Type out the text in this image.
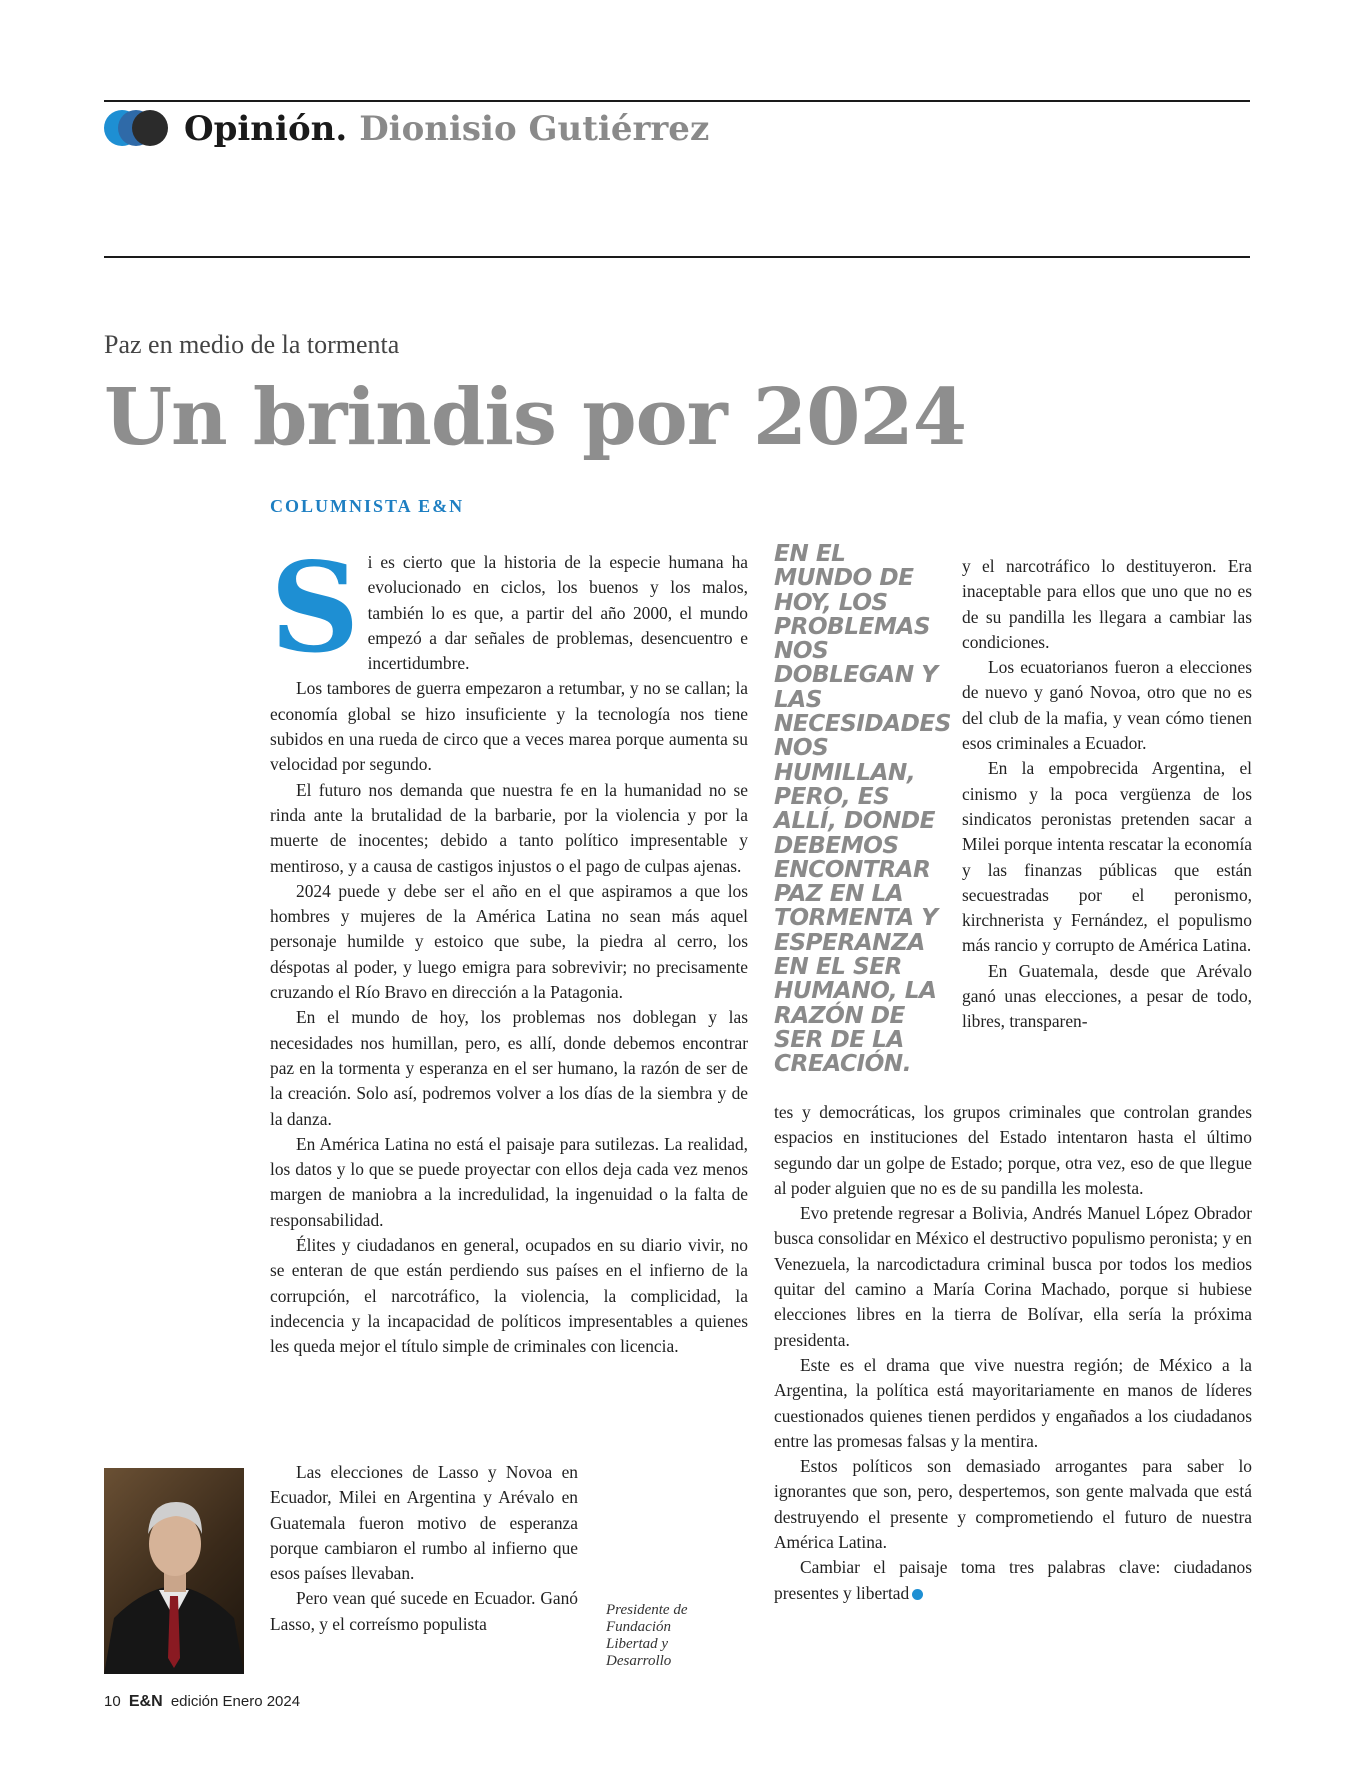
Opinión. Dionisio Gutiérrez
Paz en medio de la tormenta
Un brindis por 2024
COLUMNISTA E&N
S i es cierto que la historia de la especie humana ha evolucionado en ciclos, los buenos y los malos, también lo es que, a partir del año 2000, el mundo empezó a dar señales de problemas, desencuentro e incertidumbre.

Los tambores de guerra empezaron a retumbar, y no se callan; la economía global se hizo insuficiente y la tecnología nos tiene subidos en una rueda de circo que a veces marea porque aumenta su velocidad por segundo.

El futuro nos demanda que nuestra fe en la humanidad no se rinda ante la brutalidad de la barbarie, por la violencia y por la muerte de inocentes; debido a tanto político impresentable y mentiroso, y a causa de castigos injustos o el pago de culpas ajenas.

2024 puede y debe ser el año en el que aspiramos a que los hombres y mujeres de la América Latina no sean más aquel personaje humilde y estoico que sube, la piedra al cerro, los déspotas al poder, y luego emigra para sobrevivir; no precisamente cruzando el Río Bravo en dirección a la Patagonia.

En el mundo de hoy, los problemas nos doblegan y las necesidades nos humillan, pero, es allí, donde debemos encontrar paz en la tormenta y esperanza en el ser humano, la razón de ser de la creación. Solo así, podremos volver a los días de la siembra y de la danza.

En América Latina no está el paisaje para sutilezas. La realidad, los datos y lo que se puede proyectar con ellos deja cada vez menos margen de maniobra a la incredulidad, la ingenuidad o la falta de responsabilidad.

Élites y ciudadanos en general, ocupados en su diario vivir, no se enteran de que están perdiendo sus países en el infierno de la corrupción, el narcotráfico, la violencia, la complicidad, la indecencia y la incapacidad de políticos impresentables a quienes les queda mejor el título simple de criminales con licencia.

Las elecciones de Lasso y Novoa en Ecuador, Milei en Argentina y Arévalo en Guatemala fueron motivo de esperanza porque cambiaron el rumbo al infierno que esos países llevaban.

Pero vean qué sucede en Ecuador. Ganó Lasso, y el correísmo populista

Presidente de Fundación Libertad y Desarrollo
EN EL MUNDO DE HOY, LOS PROBLEMAS NOS DOBLEGAN Y LAS NECESIDADES NOS HUMILLAN, PERO, ES ALLÍ, DONDE DEBEMOS ENCONTRAR PAZ EN LA TORMENTA Y ESPERANZA EN EL SER HUMANO, LA RAZÓN DE SER DE LA CREACIÓN.

y el narcotráfico lo destituyeron. Era inaceptable para ellos que uno que no es de su pandilla les llegara a cambiar las condiciones.

Los ecuatorianos fueron a elecciones de nuevo y ganó Novoa, otro que no es del club de la mafia, y vean cómo tienen esos criminales a Ecuador.

En la empobrecida Argentina, el cinismo y la poca vergüenza de los sindicatos peronistas pretenden sacar a Milei porque intenta rescatar la economía y las finanzas públicas que están secuestradas por el peronismo, kirchnerista y Fernández, el populismo más rancio y corrupto de América Latina.

En Guatemala, desde que Arévalo ganó unas elecciones, a pesar de todo, libres, transparen-

tes y democráticas, los grupos criminales que controlan grandes espacios en instituciones del Estado intentaron hasta el último segundo dar un golpe de Estado; porque, otra vez, eso de que llegue al poder alguien que no es de su pandilla les molesta.

Evo pretende regresar a Bolivia, Andrés Manuel López Obrador busca consolidar en México el destructivo populismo peronista; y en Venezuela, la narcodictadura criminal busca por todos los medios quitar del camino a María Corina Machado, porque si hubiese elecciones libres en la tierra de Bolívar, ella sería la próxima presidenta.

Este es el drama que vive nuestra región; de México a la Argentina, la política está mayoritariamente en manos de líderes cuestionados quienes tienen perdidos y engañados a los ciudadanos entre las promesas falsas y la mentira.

Estos políticos son demasiado arrogantes para saber lo ignorantes que son, pero, despertemos, son gente malvada que está destruyendo el presente y comprometiendo el futuro de nuestra América Latina.

Cambiar el paisaje toma tres palabras clave: ciudadanos presentes y libertad

10 E&N edición Enero 2024
